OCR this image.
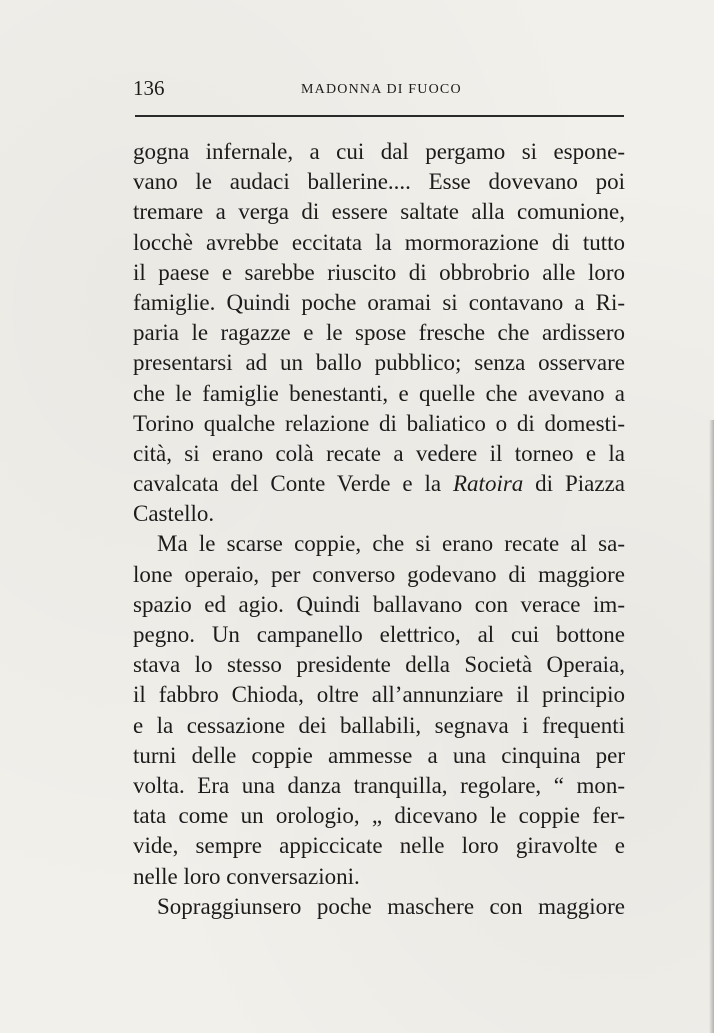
136	MADONNA DI FUOCO
gogna infernale, a cui dal pergamo si espone-
vano le audaci ballerine.... Esse dovevano poi
tremare a verga di essere saltate alla comunione,
locchè avrebbe eccitata la mormorazione di tutto
il paese e sarebbe riuscito di obbrobrio alle loro
famiglie. Quindi poche oramai si contavano a Ri-
paria le ragazze e le spose fresche che ardissero
presentarsi ad un ballo pubblico; senza osservare
che le famiglie benestanti, e quelle che avevano a
Torino qualche relazione di baliatico o di domesti-
cità, si erano colà recate a vedere il torneo e la
cavalcata del Conte Verde e la Ratoira di Piazza
Castello.
Ma le scarse coppie, che si erano recate al sa-
lone operaio, per converso godevano di maggiore
spazio ed agio. Quindi ballavano con verace im-
pegno. Un campanello elettrico, al cui bottone
stava lo stesso presidente della Società Operaia,
il fabbro Chioda, oltre all’annunziare il principio
e la cessazione dei ballabili, segnava i frequenti
turni delle coppie ammesse a una cinquina per
volta. Era una danza tranquilla, regolare, “ mon-
tata come un orologio, „ dicevano le coppie fer-
vide, sempre appiccicate nelle loro giravolte e
nelle loro conversazioni.
Sopraggiunsero poche maschere con maggiore
